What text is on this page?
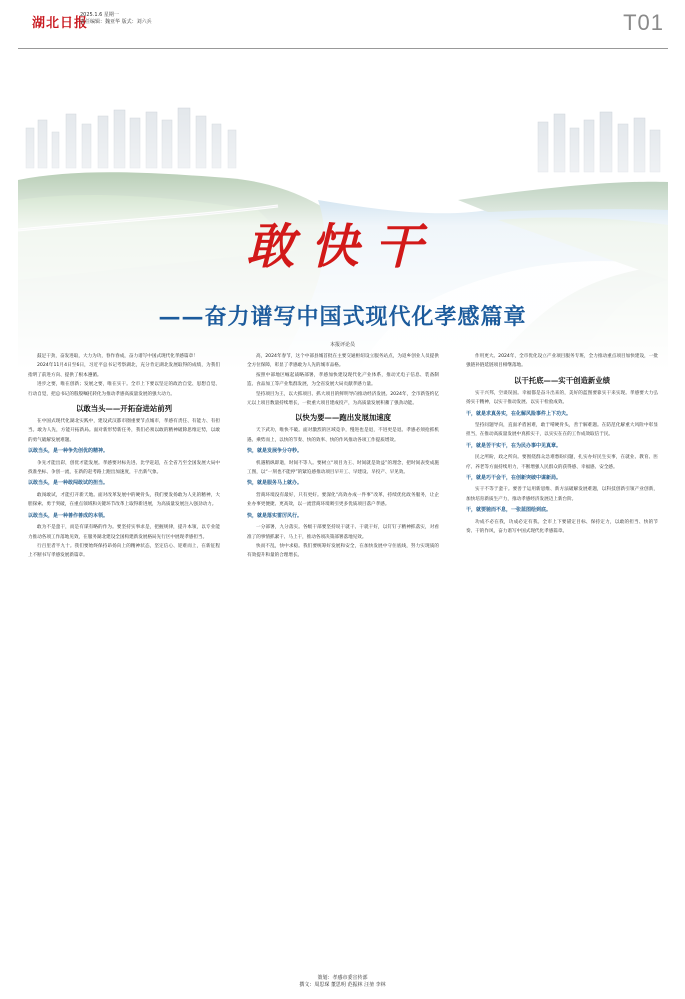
湖北日报
2025.1.6 星期一
责任编辑：魏亚华 版式：刘六兵	T01
敢快干
——奋力谱写中国式现代化孝感篇章
本报评论员

鼓足干劲，奋发进取，大力为功，春作春成，奋力谱写中国式现代化孝感篇章！

2024年11月4日至6日，习近平总书记考察湖北，充分肯定湖北发展取得的成绩，为我们指明了前进方向、提供了根本遵循。

进步之要，唯在创新；发展之要，唯在实干。全市上下要以坚定的政治自觉、思想自觉、行动自觉，把总书记的殷殷嘱托转化为推动孝感高质量发展的强大动力。

以敢当头——开拓奋进站前列

在中国式现代化湖北实践中，建设武汉都市圈重要节点城市，孝感有责任、有能力、有担当。敢为人先，方能开拓新局。面对新形势新任务，我们必须以敢的精神破除思维定势，以敢的勇气破解发展难题。

以敢当头，是一种争先创优的精神。

争先才能出彩，创优才能发展。孝感要对标先进、比学赶超，在全省乃至全国发展大局中找准坐标、争创一流，在新的赶考路上跑出加速度，干出新气象。

以敢当头，是一种敢闯敢试的担当。

敢闯敢试，才能打开新天地。面对改革发展中的硬骨头，我们要发扬敢为人先的精神，大胆探索、勇于突破，在重点领域和关键环节改革上取得新进展，为高质量发展注入强劲动力。

以敢当头，是一种善作善成的本领。

敢为不是蛮干，而是有谋有略的作为。要坚持实事求是，把握规律，提升本领，以专业能力推动各项工作落地见效，在服务湖北建设全国构建新发展格局先行区中展现孝感担当。

行百里者半九十。我们要始终保持昂扬向上的精神状态，坚定信心、迎难而上，在新征程上不断书写孝感发展新篇章。

高，2024年春节，这个中部县城首批在主要交通枢纽设立服务站点，为返乡创业人员提供全方位保障，彰显了孝感敢为人先的城市品格。

按照中部地区崛起战略部署，孝感加快建设现代化产业体系，推动光电子信息、装备制造、食品加工等产业集群发展，为全省发展大局贡献孝感力量。

坚持项目为王，以大抓项目、抓大项目的鲜明导向推动经济发展。2024年，全市新签约亿元以上项目数量持续增长，一批重大项目建成投产，为高质量发展积蓄了强劲动能。

以快为要——跑出发展加速度

天下武功，唯快不破。面对激烈的区域竞争，慢进也是退，不进更是退。孝感必须抢抓机遇、乘势而上，以快的节奏、快的效率、快的作风推动各项工作提质增效。

快，就是发展争分夺秒。

机遇稍纵即逝，时间不等人。要树立“项目为王、时间就是效益”的理念，把时间表变成施工图，以“一刻也不能停”的紧迫感推动项目早开工、早建设、早投产、早见效。

快，就是服务马上就办。

营商环境没有最好，只有更好。要深化“高效办成一件事”改革，持续优化政务服务，让企业办事更便捷、更高效，以一流营商环境吸引更多优质项目落户孝感。

快，就是落实雷厉风行。

一分部署，九分落实。各级干部要坚持说干就干、干就干好，以钉钉子精神抓落实，对看准了的事情抓紧干、马上干，推动各项决策部署落地见效。

快而不乱，快中求稳。我们要统筹好发展和安全，在加快发展中守住底线，努力实现质的有效提升和量的合理增长。

作用更大。2024年，全市优化设立产业项目服务专班，全力推动重点项目加快建设，一批强链补链延链项目相继落地。

以干托底——实干创造新业绩

实干兴邦，空谈误国。幸福都是奋斗出来的，美好的蓝图要靠实干来实现。孝感要大力弘扬实干精神，以实干推动发展、以实干检验成效。

干，就是求真务实，在化解风险事件上下功夫。

坚持问题导向，直面矛盾困难，敢于啃硬骨头，善于解难题。在防范化解重大风险中彰显担当，在推动高质量发展中真抓实干，以实实在在的工作成效取信于民。

干，就是苦干实干，在为民办事中见真章。

民之所盼，政之所向。要围绕群众急难愁盼问题，扎实办好民生实事，在就业、教育、医疗、养老等方面持续用力，不断增强人民群众的获得感、幸福感、安全感。

干，就是巧干会干，在创新突破中谋新局。

实干不等于蛮干。要善于运用新思维、新方法破解发展难题，以科技创新引领产业创新，加快培育新质生产力，推动孝感经济发展迈上新台阶。

干，就要驰而不息，一张蓝图绘到底。

功成不必在我，功成必定有我。全市上下要锚定目标、保持定力，以敢的担当、快的节奏、干的作风，奋力谱写中国式现代化孝感篇章。

策划：孝感市委宣传部
撰文：周思琛 董思明 范振林 汪堃 李林
